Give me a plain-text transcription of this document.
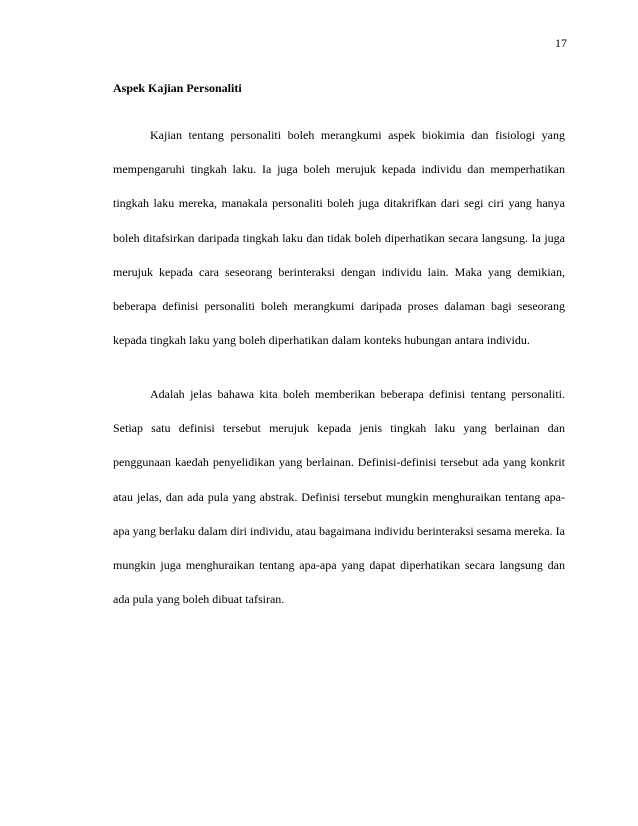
17
Aspek Kajian Personaliti

Kajian tentang personaliti boleh merangkumi aspek biokimia dan fisiologi yang mempengaruhi tingkah laku. Ia juga boleh merujuk kepada individu dan memperhatikan tingkah laku mereka, manakala personaliti boleh juga ditakrifkan dari segi ciri yang hanya boleh ditafsirkan daripada tingkah laku dan tidak boleh diperhatikan secara langsung. Ia juga merujuk kepada cara seseorang berinteraksi dengan individu lain. Maka yang demikian, beberapa definisi personaliti boleh merangkumi daripada proses dalaman bagi seseorang kepada tingkah laku yang boleh diperhatikan dalam konteks hubungan antara individu.

Adalah jelas bahawa kita boleh memberikan beberapa definisi tentang personaliti. Setiap satu definisi tersebut merujuk kepada jenis tingkah laku yang berlainan dan penggunaan kaedah penyelidikan yang berlainan. Definisi-definisi tersebut ada yang konkrit atau jelas, dan ada pula yang abstrak. Definisi tersebut mungkin menghuraikan tentang apa-apa yang berlaku dalam diri individu, atau bagaimana individu berinteraksi sesama mereka. Ia mungkin juga menghuraikan tentang apa-apa yang dapat diperhatikan secara langsung dan ada pula yang boleh dibuat tafsiran.
